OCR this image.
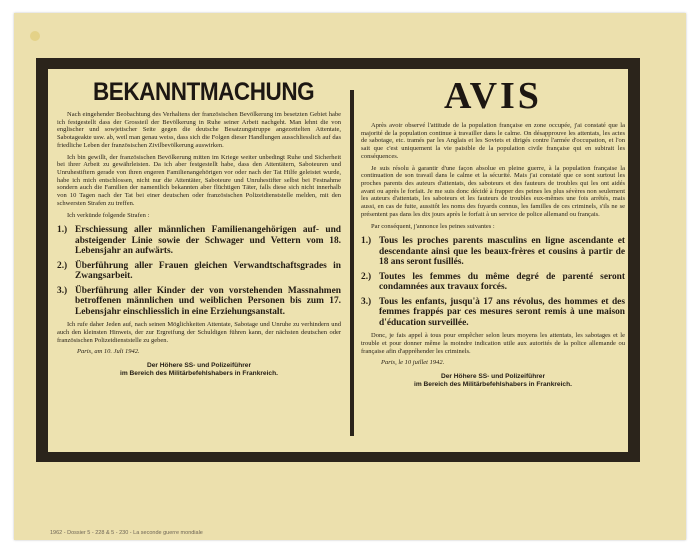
BEKANNTMACHUNG

Nach eingehender Beobachtung des Verhaltens der französischen Bevölkerung im besetzten Gebiet habe ich festgestellt dass der Grossteil der Bevölkerung in Ruhe seiner Arbeit nachgeht. Man lehnt die von englischer und sowjetischer Seite gegen die deutsche Besatzungstruppe angezettelten Attentate, Sabotageakte usw. ab, weil man genau weiss, dass sich die Folgen dieser Handlungen ausschliesslich auf das friedliche Leben der französischen Zivilbevölkerung auswirken.

Ich bin gewillt, der französischen Bevölkerung mitten im Kriege weiter unbedingt Ruhe und Sicherheit bei ihrer Arbeit zu gewährleisten. Da ich aber festgestellt habe, dass den Attentätern, Saboteuren und Unruhestiftern gerade von ihren engeren Familienangehörigen vor oder nach der Tat Hilfe geleistet wurde, habe ich mich entschlossen, nicht nur die Attentäter, Saboteure und Unruhestifter selbst bei Festnahme sondern auch die Familien der namentlich bekannten aber flüchtigen Täter, falls diese sich nicht innerhalb von 10 Tagen nach der Tat bei einer deutschen oder französischen Polizeidienststelle melden, mit den schwersten Strafen zu treffen.

Ich verkünde folgende Strafen :

1.) Erschiessung aller männlichen Familienangehörigen auf- und absteigender Linie sowie der Schwager und Vettern vom 18. Lebensjahr an aufwärts.
2.) Überführung aller Frauen gleichen Verwandtschaftsgrades in Zwangsarbeit.
3.) Überführung aller Kinder der von vorstehenden Massnahmen betroffenen männlichen und weiblichen Personen bis zum 17. Lebensjahr einschliesslich in eine Erziehungsanstalt.

Ich rufe daher Jeden auf, nach seinen Möglichkeiten Attentate, Sabotage und Unruhe zu verhindern und auch den kleinsten Hinweis, der zur Ergreifung der Schuldigen führen kann, der nächsten deutschen oder französischen Polizeidienststelle zu geben.

Paris, am 10. Juli 1942.

Der Höhere SS- und Polizeiführer
im Bereich des Militärbefehlshabers in Frankreich.
AVIS

Après avoir observé l'attitude de la population française en zone occupée, j'ai constaté que la majorité de la population continue à travailler dans le calme. On désapprouve les attentats, les actes de sabotage, etc. tramés par les Anglais et les Soviets et dirigés contre l'armée d'occupation, et l'on sait que c'est uniquement la vie paisible de la population civile française qui en subirait les conséquences.

Je suis résolu à garantir d'une façon absolue en pleine guerre, à la population française la continuation de son travail dans le calme et la sécurité. Mais j'ai constaté que ce sont surtout les proches parents des auteurs d'attentats, des saboteurs et des fauteurs de troubles qui les ont aidés avant ou après le forfait. Je me suis donc décidé à frapper des peines les plus sévères non seulement les auteurs d'attentats, les saboteurs et les fauteurs de troubles eux-mêmes une fois arrêtés, mais aussi, en cas de fuite, aussitôt les noms des fuyards connus, les familles de ces criminels, s'ils ne se présentent pas dans les dix jours après le forfait à un service de police allemand ou français.

Par conséquent, j'annonce les peines suivantes :

1.) Tous les proches parents masculins en ligne ascendante et descendante ainsi que les beaux-frères et cousins à partir de 18 ans seront fusillés.
2.) Toutes les femmes du même degré de parenté seront condamnées aux travaux forcés.
3.) Tous les enfants, jusqu'à 17 ans révolus, des hommes et des femmes frappés par ces mesures seront remis à une maison d'éducation surveillée.

Donc, je fais appel à tous pour empêcher selon leurs moyens les attentats, les sabotages et le trouble et pour donner même la moindre indication utile aux autorités de la police allemande ou française afin d'appréhender les criminels.

Paris, le 10 juillet 1942.

Der Höhere SS- und Polizeiführer
im Bereich des Militärbefehlshabers in Frankreich.
1962 - Dossier 5 - 228 & 5 - 230 - La seconde guerre mondiale
